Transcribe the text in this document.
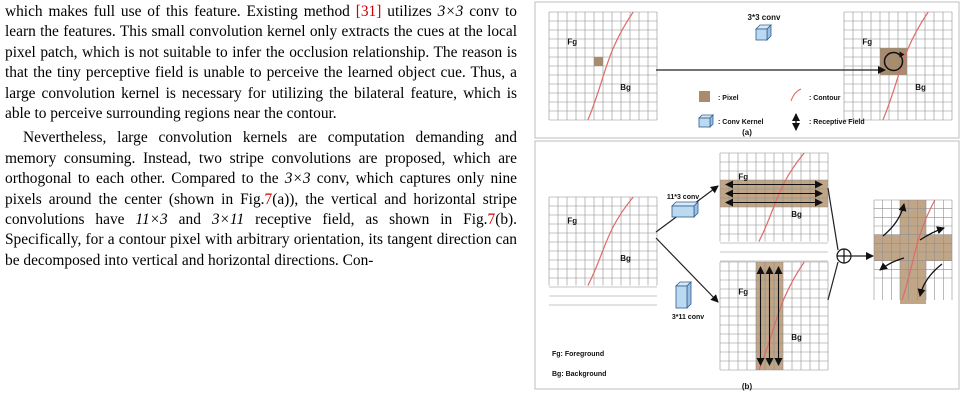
which makes full use of this feature. Existing method [31] utilizes 3×3 conv to learn the features. This small convolution kernel only extracts the cues at the local pixel patch, which is not suitable to infer the occlusion relationship. The reason is that the tiny perceptive field is unable to perceive the learned object cue. Thus, a large convolution kernel is necessary for utilizing the bilateral feature, which is able to perceive surrounding regions near the contour.

Nevertheless, large convolution kernels are computation demanding and memory consuming. Instead, two stripe convolutions are proposed, which are orthogonal to each other. Compared to the 3×3 conv, which captures only nine pixels around the center (shown in Fig.7(a)), the vertical and horizontal stripe convolutions have 11×3 and 3×11 receptive field, as shown in Fig.7(b). Specifically, for a contour pixel with arbitrary orientation, its tangent direction can be decomposed into vertical and horizontal directions. Con-

Fg
Bg
Fg
Bg
3*3 conv
: Pixel	: Contour
: Conv Kernel	: Receptive Field
(a)
Fg
Bg
Fg
Bg
Fg
Bg
11*3 conv
3*11 conv
Fg: Foreground
Bg: Background
(b)
